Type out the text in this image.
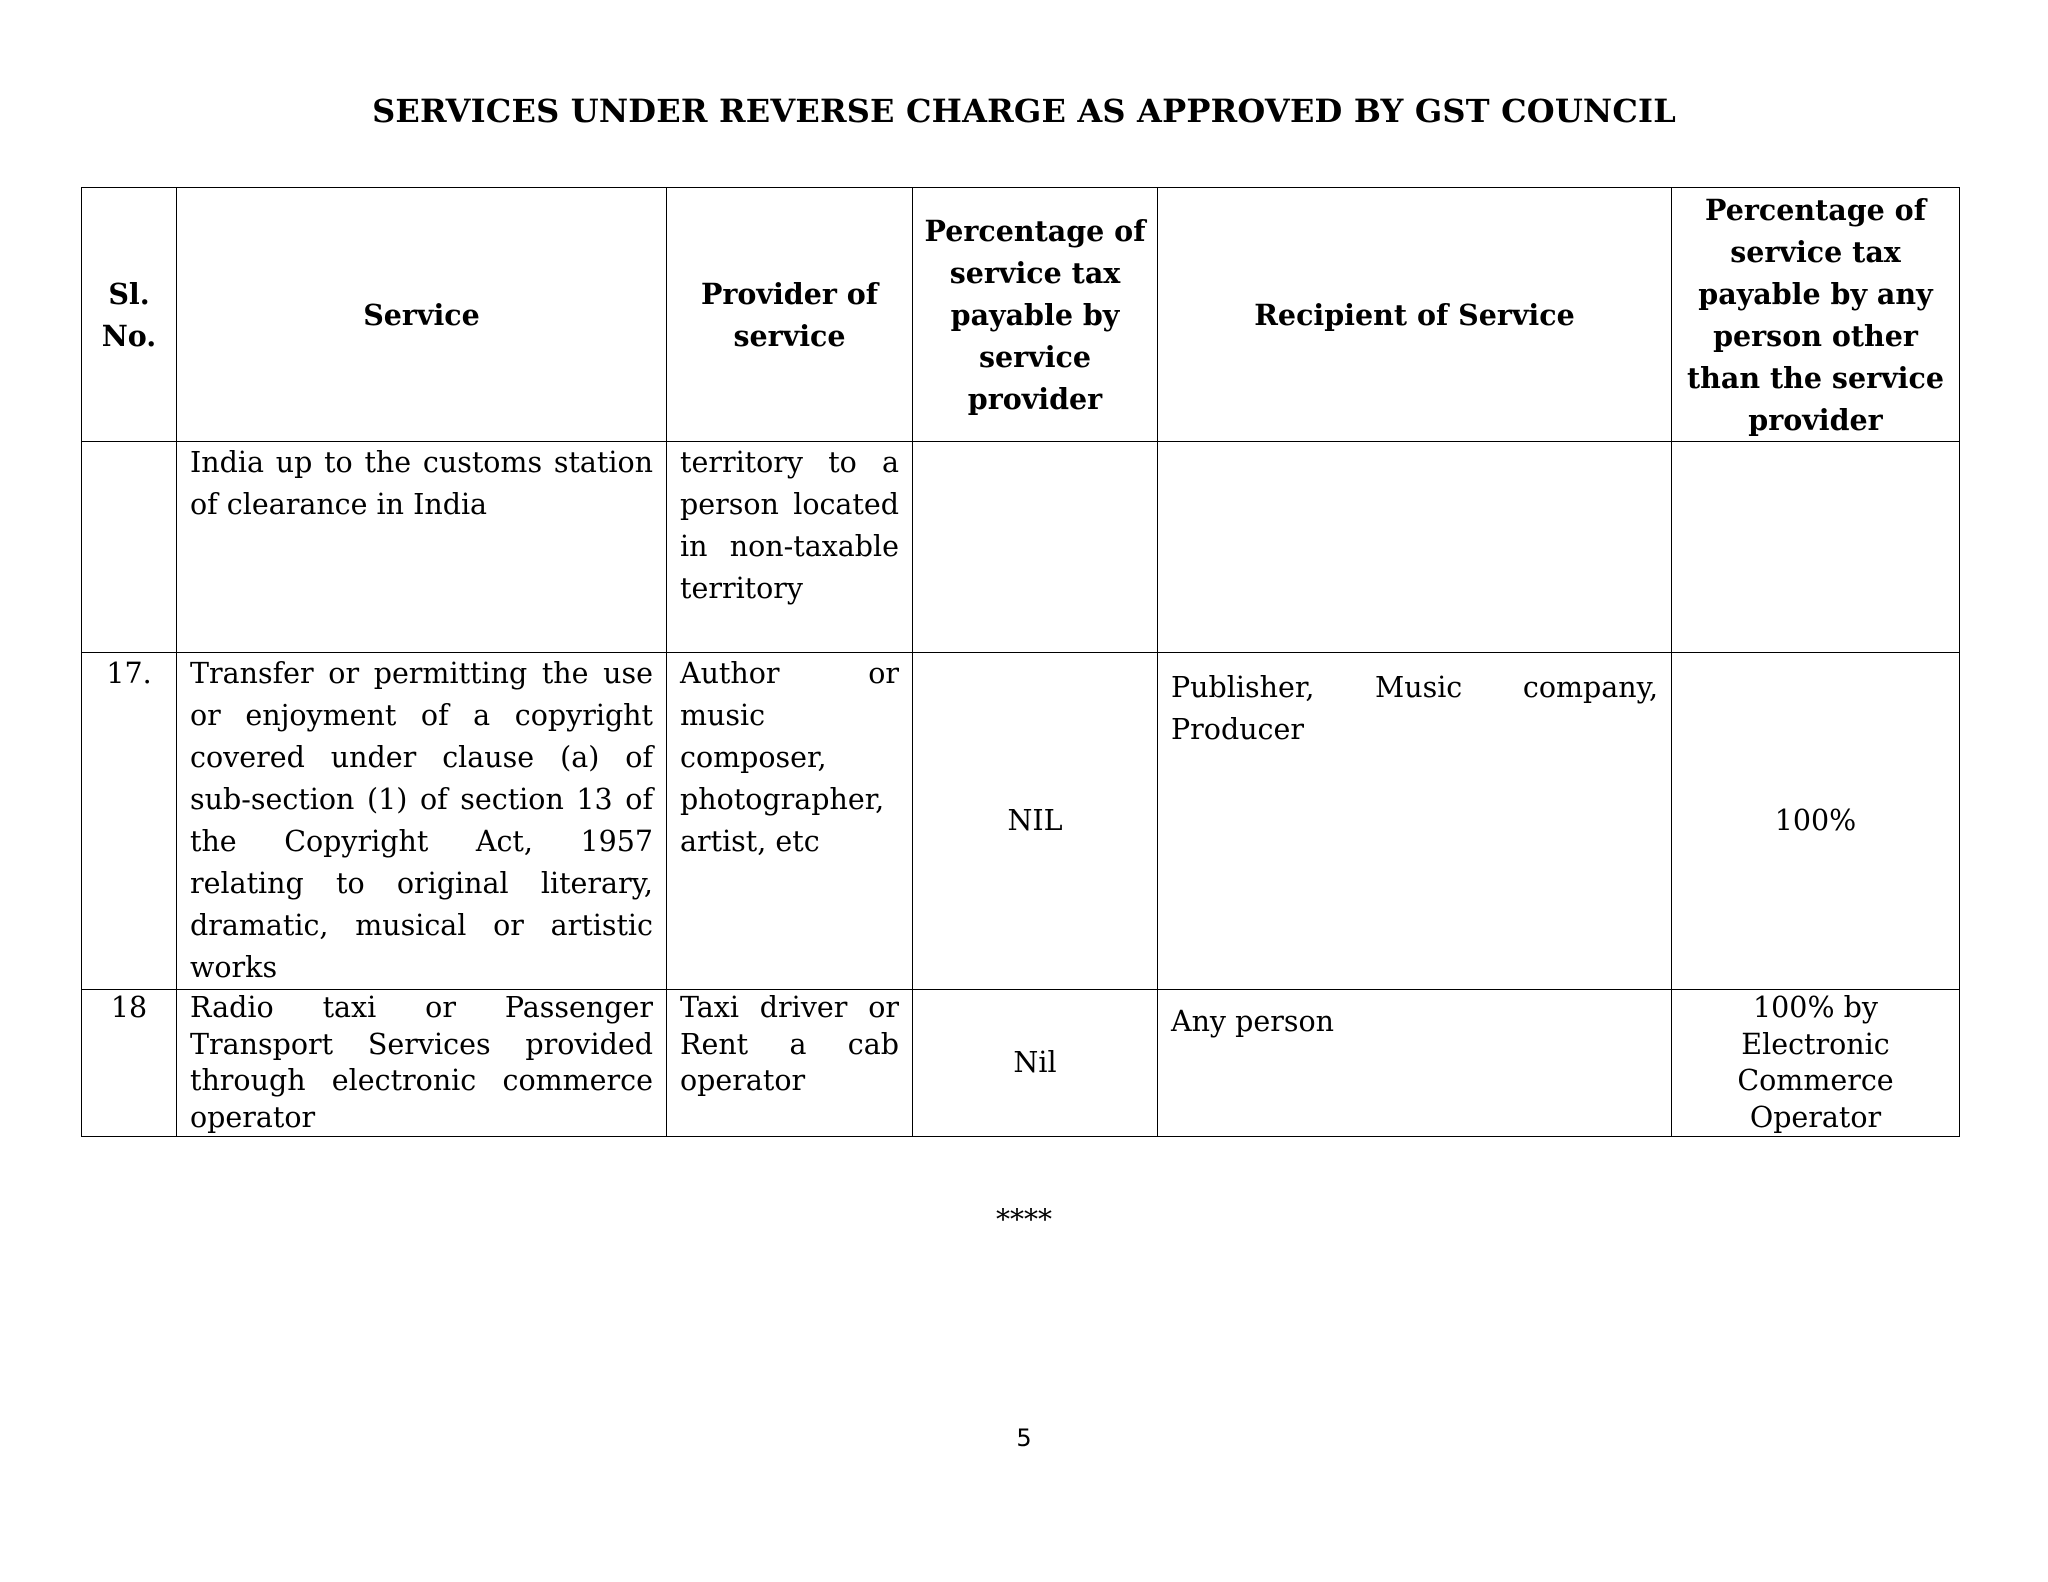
SERVICES UNDER REVERSE CHARGE AS APPROVED BY GST COUNCIL
Sl. No.	Service	Provider of service	Percentage of service tax payable by service provider	Recipient of Service	Percentage of service tax payable by any person other than the service provider
	India up to the customs station of clearance in India	territory to a person located in non-taxable territory			
17.	Transfer or permitting the use or enjoyment of a copyright covered under clause (a) of sub-section (1) of section 13 of the Copyright Act, 1957 relating to original literary, dramatic, musical or artistic works	Author or music composer, photographer, artist, etc	NIL	Publisher, Music company, Producer	100%
18	Radio taxi or Passenger Transport Services provided through electronic commerce operator	Taxi driver or Rent a cab operator	Nil	Any person	100% by Electronic Commerce Operator
****
5
